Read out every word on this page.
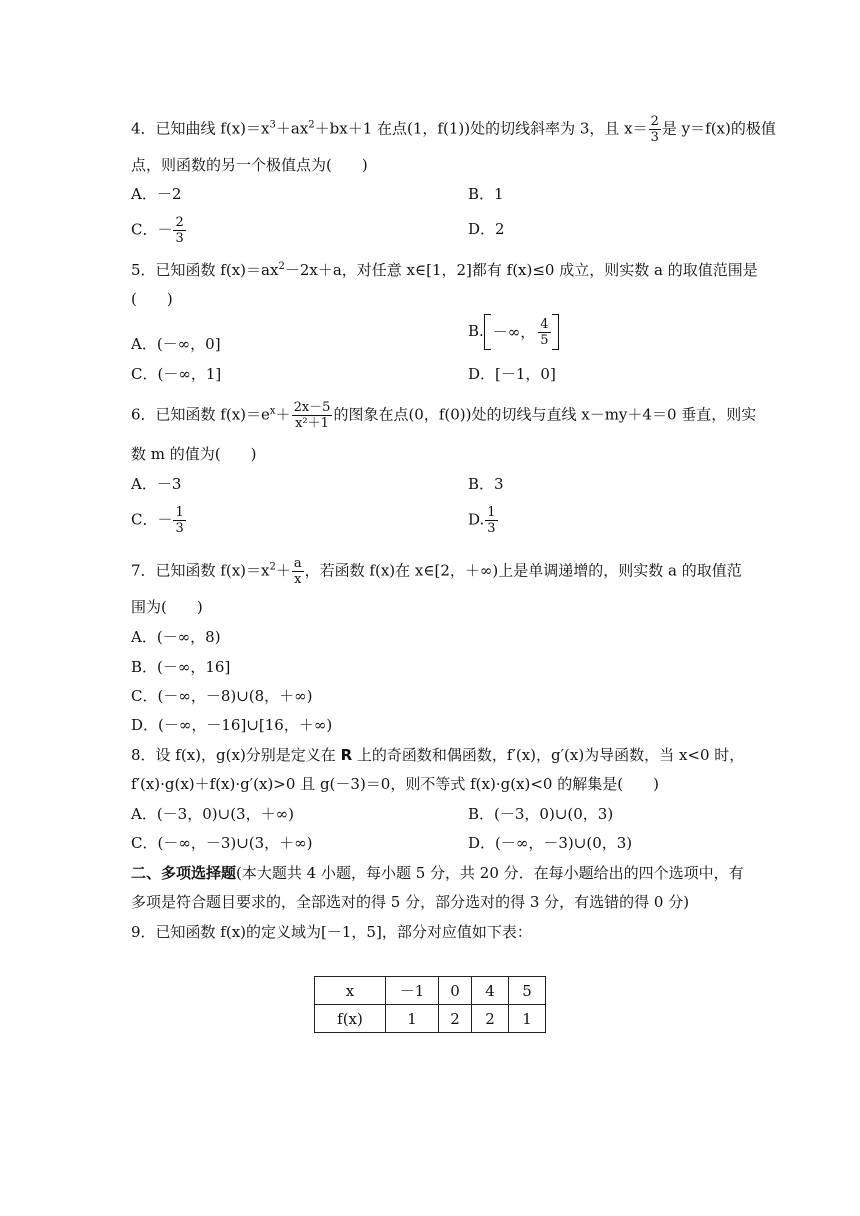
4．已知曲线 $f(x)=x^3+ax^2+bx+1$ 在点(1，f(1))处的切线斜率为 3，且 $x= \frac{2}{3}$ 是 y＝f(x)的极值
点，则函数的另一个极值点为(　　)
A．－2	B．1
C．－ $\frac{2}{3}$	D．2
5．已知函数 $f(x)=ax^2-2x+a$，对任意 x∈[1，2]都有 f(x)≤0 成立，则实数 a 的取值范围是
(　　)
A．(－∞，0]
B. －∞， $\frac{4}{5}$
C．(－∞，1]	D．[－1，0]
6．已知函数 $f(x)=e^x+ \frac{2x-5}{\text{x²＋1}}$ 的图象在点(0，f(0))处的切线与直线 x－my＋4＝0 垂直，则实
数 m 的值为(　　)
A．－3	B．3
C．－ $\frac{1}{3}$	D. $\frac{1}{3}$
7．已知函数 $f(x)=x^2+ \frac{a}{x}$ ，若函数 f(x)在 x∈[2，＋∞)上是单调递增的，则实数 a 的取值范
围为(　　)
A．(－∞，8)
B．(－∞，16]
C．(－∞，－8)∪(8，＋∞)
D．(－∞，－16]∪[16，＋∞)
8．设 f(x)，g(x)分别是定义在 R 上的奇函数和偶函数，f′(x)，g′(x)为导函数，当 x<0 时，
f′(x)·g(x)＋f(x)·g′(x)>0 且 g(－3)＝0，则不等式 f(x)·g(x)<0 的解集是(　　)
A．(－3，0)∪(3，＋∞)	B．(－3，0)∪(0，3)
C．(－∞，－3)∪(3，＋∞)	D．(－∞，－3)∪(0，3)
二、多项选择题(本大题共 4 小题，每小题 5 分，共 20 分．在每小题给出的四个选项中，有
多项是符合题目要求的，全部选对的得 5 分，部分选对的得 3 分，有选错的得 0 分)
9．已知函数 f(x)的定义域为[－1，5]，部分对应值如下表：
x	－1	0	4	5
f(x)	1	2	2	1
